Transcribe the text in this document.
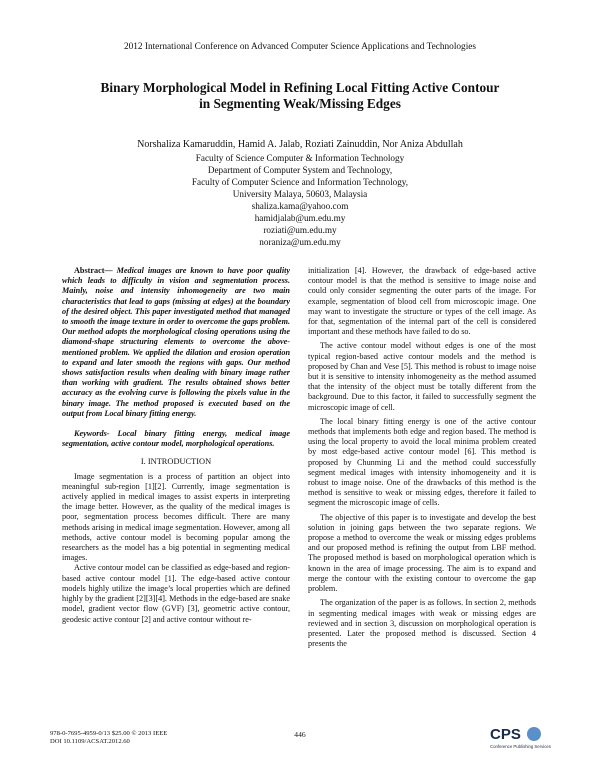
2012 International Conference on Advanced Computer Science Applications and Technologies
Binary Morphological Model in Refining Local Fitting Active Contour
in Segmenting Weak/Missing Edges
Norshaliza Kamaruddin, Hamid A. Jalab, Roziati Zainuddin, Nor Aniza Abdullah
Faculty of Science Computer & Information Technology
Department of Computer System and Technology,
Faculty of Computer Science and Information Technology,
University Malaya, 50603, Malaysia
shaliza.kama@yahoo.com
hamidjalab@um.edu.my
roziati@um.edu.my
noraniza@um.edu.my

Abstract— Medical images are known to have poor quality which leads to difficulty in vision and segmentation process. Mainly, noise and intensity inhomogeneity are two main characteristics that lead to gaps (missing at edges) at the boundary of the desired object. This paper investigated method that managed to smooth the image texture in order to overcome the gaps problem. Our method adopts the morphological closing operations using the diamond-shape structuring elements to overcome the above-mentioned problem. We applied the dilation and erosion operation to expand and later smooth the regions with gaps. Our method shows satisfaction results when dealing with binary image rather than working with gradient. The results obtained shows better accuracy as the evolving curve is following the pixels value in the binary image. The method proposed is executed based on the output from Local binary fitting energy.

Keywords- Local binary fitting energy, medical image segmentation, active contour model, morphological operations.

I. INTRODUCTION

Image segmentation is a process of partition an object into meaningful sub-region [1][2]. Currently, image segmentation is actively applied in medical images to assist experts in interpreting the image better. However, as the quality of the medical images is poor, segmentation process becomes difficult. There are many methods arising in medical image segmentation. However, among all methods, active contour model is becoming popular among the researchers as the model has a big potential in segmenting medical images.

Active contour model can be classified as edge-based and region-based active contour model [1]. The edge-based active contour models highly utilize the image’s local properties which are defined highly by the gradient [2][3][4]. Methods in the edge-based are snake model, gradient vector flow (GVF) [3], geometric active contour, geodesic active contour [2] and active contour without re-

initialization [4]. However, the drawback of edge-based active contour model is that the method is sensitive to image noise and could only consider segmenting the outer parts of the image. For example, segmentation of blood cell from microscopic image. One may want to investigate the structure or types of the cell image. As for that, segmentation of the internal part of the cell is considered important and these methods have failed to do so.

The active contour model without edges is one of the most typical region-based active contour models and the method is proposed by Chan and Vese [5]. This method is robust to image noise but it is sensitive to intensity inhomogeneity as the method assumed that the intensity of the object must be totally different from the background. Due to this factor, it failed to successfully segment the microscopic image of cell.

The local binary fitting energy is one of the active contour methods that implements both edge and region based. The method is using the local property to avoid the local minima problem created by most edge-based active contour model [6]. This method is proposed by Chunming Li and the method could successfully segment medical images with intensity inhomogeneity and it is robust to image noise. One of the drawbacks of this method is the method is sensitive to weak or missing edges, therefore it failed to segment the microscopic image of cells.

The objective of this paper is to investigate and develop the best solution in joining gaps between the two separate regions. We propose a method to overcome the weak or missing edges problems and our proposed method is refining the output from LBF method. The proposed method is based on morphological operation which is known in the area of image processing. The aim is to expand and merge the contour with the existing contour to overcome the gap problem.

The organization of the paper is as follows. In section 2, methods in segmenting medical images with weak or missing edges are reviewed and in section 3, discussion on morphological operation is presented. Later the proposed method is discussed. Section 4 presents the

978-0-7695-4959-0/13 $25.00 © 2013 IEEE
DOI 10.1109/ACSAT.2012.60
446	CPS
Conference Publishing Services
